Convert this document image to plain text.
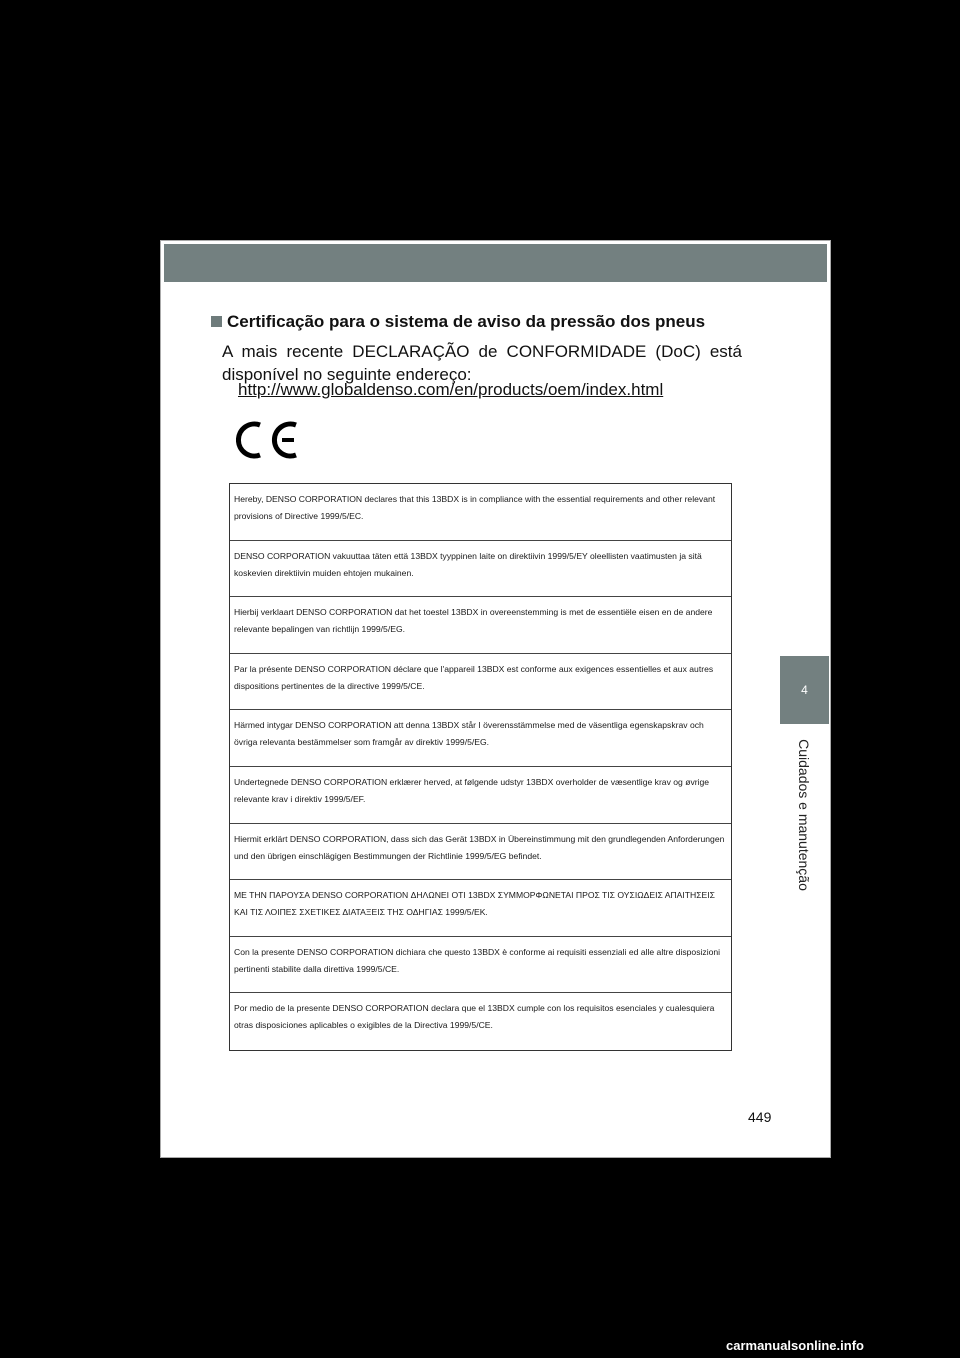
Certificação para o sistema de aviso da pressão dos pneus
A mais recente DECLARAÇÃO de CONFORMIDADE (DoC) está disponível no seguinte endereço:
http://www.globaldenso.com/en/products/oem/index.html
Hereby, DENSO CORPORATION declares that this 13BDX is in compliance with the essential requirements and other relevant provisions of Directive 1999/5/EC.
DENSO CORPORATION vakuuttaa täten että 13BDX tyyppinen laite on direktiivin 1999/5/EY oleellisten vaatimusten ja sitä koskevien direktiivin muiden ehtojen mukainen.
Hierbij verklaart DENSO CORPORATION dat het toestel 13BDX in overeenstemming is met de essentiële eisen en de andere relevante bepalingen van richtlijn 1999/5/EG.
Par la présente DENSO CORPORATION déclare que l'appareil 13BDX est conforme aux exigences essentielles et aux autres dispositions pertinentes de la directive 1999/5/CE.
Härmed intygar DENSO CORPORATION att denna 13BDX står I överensstämmelse med de väsentliga egenskapskrav och övriga relevanta bestämmelser som framgår av direktiv 1999/5/EG.
Undertegnede DENSO CORPORATION erklærer herved, at følgende udstyr 13BDX overholder de væsentlige krav og øvrige relevante krav i direktiv 1999/5/EF.
Hiermit erklärt DENSO CORPORATION, dass sich das Gerät 13BDX in Übereinstimmung mit den grundlegenden Anforderungen und den übrigen einschlägigen Bestimmungen der Richtlinie 1999/5/EG befindet.
ΜΕ ΤΗΝ ΠΑΡΟΥΣΑ DENSO CORPORATION ΔΗΛΩΝΕΙ ΟΤΙ 13BDX ΣΥΜΜΟΡΦΩΝΕΤΑΙ ΠΡΟΣ ΤΙΣ ΟΥΣΙΩΔΕΙΣ ΑΠΑΙΤΗΣΕΙΣ ΚΑΙ ΤΙΣ ΛΟΙΠΕΣ ΣΧΕΤΙΚΕΣ ΔΙΑΤΑΞΕΙΣ ΤΗΣ ΟΔΗΓΙΑΣ 1999/5/ΕΚ.
Con la presente DENSO CORPORATION dichiara che questo 13BDX è conforme ai requisiti essenziali ed alle altre disposizioni pertinenti stabilite dalla direttiva 1999/5/CE.
Por medio de la presente DENSO CORPORATION declara que el 13BDX cumple con los requisitos esenciales y cualesquiera otras disposiciones aplicables o exigibles de la Directiva 1999/5/CE.
449
4
Cuidados e manutenção
carmanualsonline.info
